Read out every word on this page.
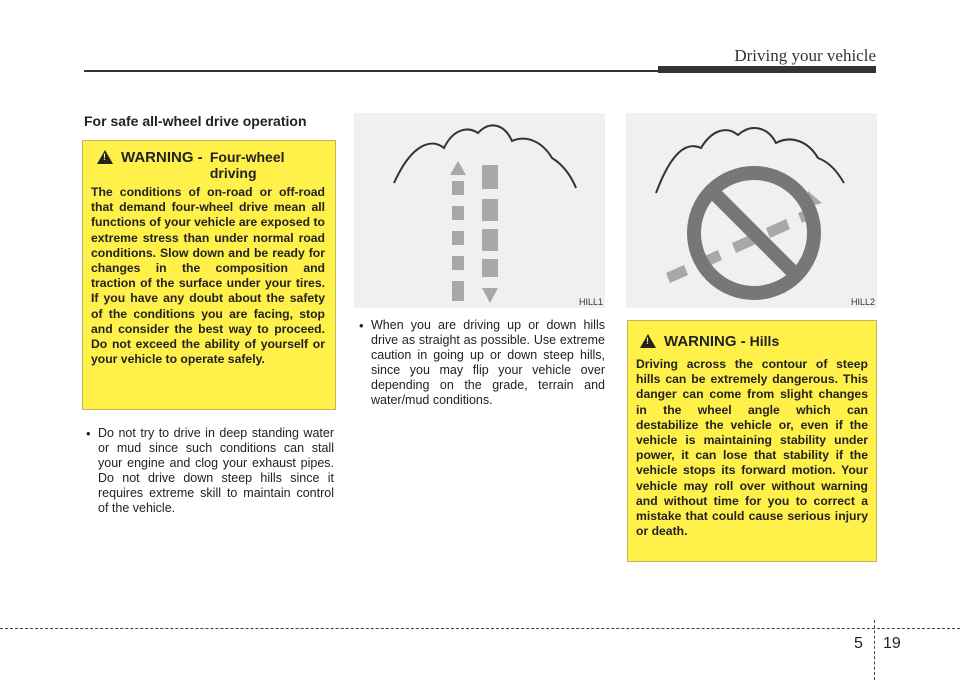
Driving your vehicle
For safe all-wheel drive operation
!
WARNING - Four-wheel driving
The conditions of on-road or off-road that demand four-wheel drive mean all functions of your vehicle are exposed to extreme stress than under normal road conditions. Slow down and be ready for changes in the composition and traction of the surface under your tires. If you have any doubt about the safety of the conditions you are facing, stop and consider the best way to proceed. Do not exceed the ability of yourself or your vehicle to operate safely.
• Do not try to drive in deep standing water or mud since such conditions can stall your engine and clog your exhaust pipes. Do not drive down steep hills since it requires extreme skill to maintain control of the vehicle.
HILL1	HILL2
• When you are driving up or down hills drive as straight as possible. Use extreme caution in going up or down steep hills, since you may flip your vehicle over depending on the grade, terrain and water/mud conditions.
!
WARNING - Hills
Driving across the contour of steep hills can be extremely dangerous. This danger can come from slight changes in the wheel angle which can destabilize the vehicle or, even if the vehicle is maintaining stability under power, it can lose that stability if the vehicle stops its forward motion. Your vehicle may roll over without warning and without time for you to correct a mistake that could cause serious injury or death.
5 19
